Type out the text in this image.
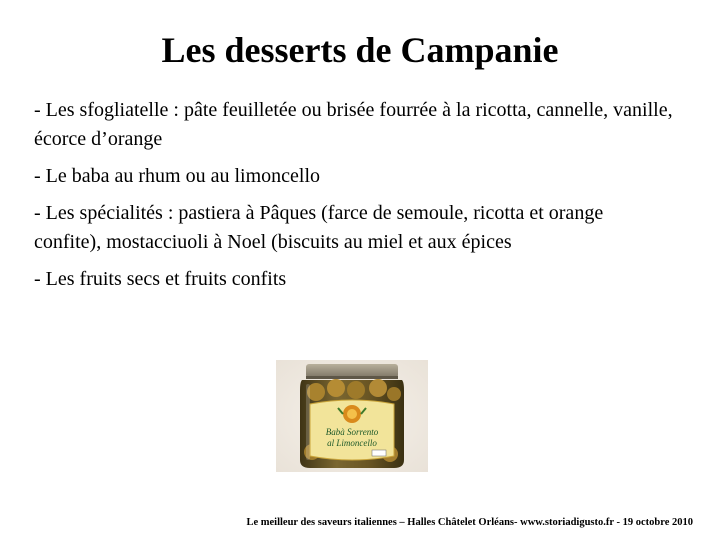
Les desserts de Campanie
- Les sfogliatelle : pâte feuilletée ou brisée fourrée à la ricotta, cannelle, vanille, écorce d’orange
- Le baba au rhum ou au limoncello
- Les spécialités : pastiera à Pâques (farce de semoule, ricotta et orange confite), mostacciuoli à Noel (biscuits au miel et aux épices
- Les fruits secs et fruits confits
Babà Sorrento
al Limoncello
Le meilleur des saveurs italiennes – Halles Châtelet Orléans- www.storiadigusto.fr - 19 octobre 2010
